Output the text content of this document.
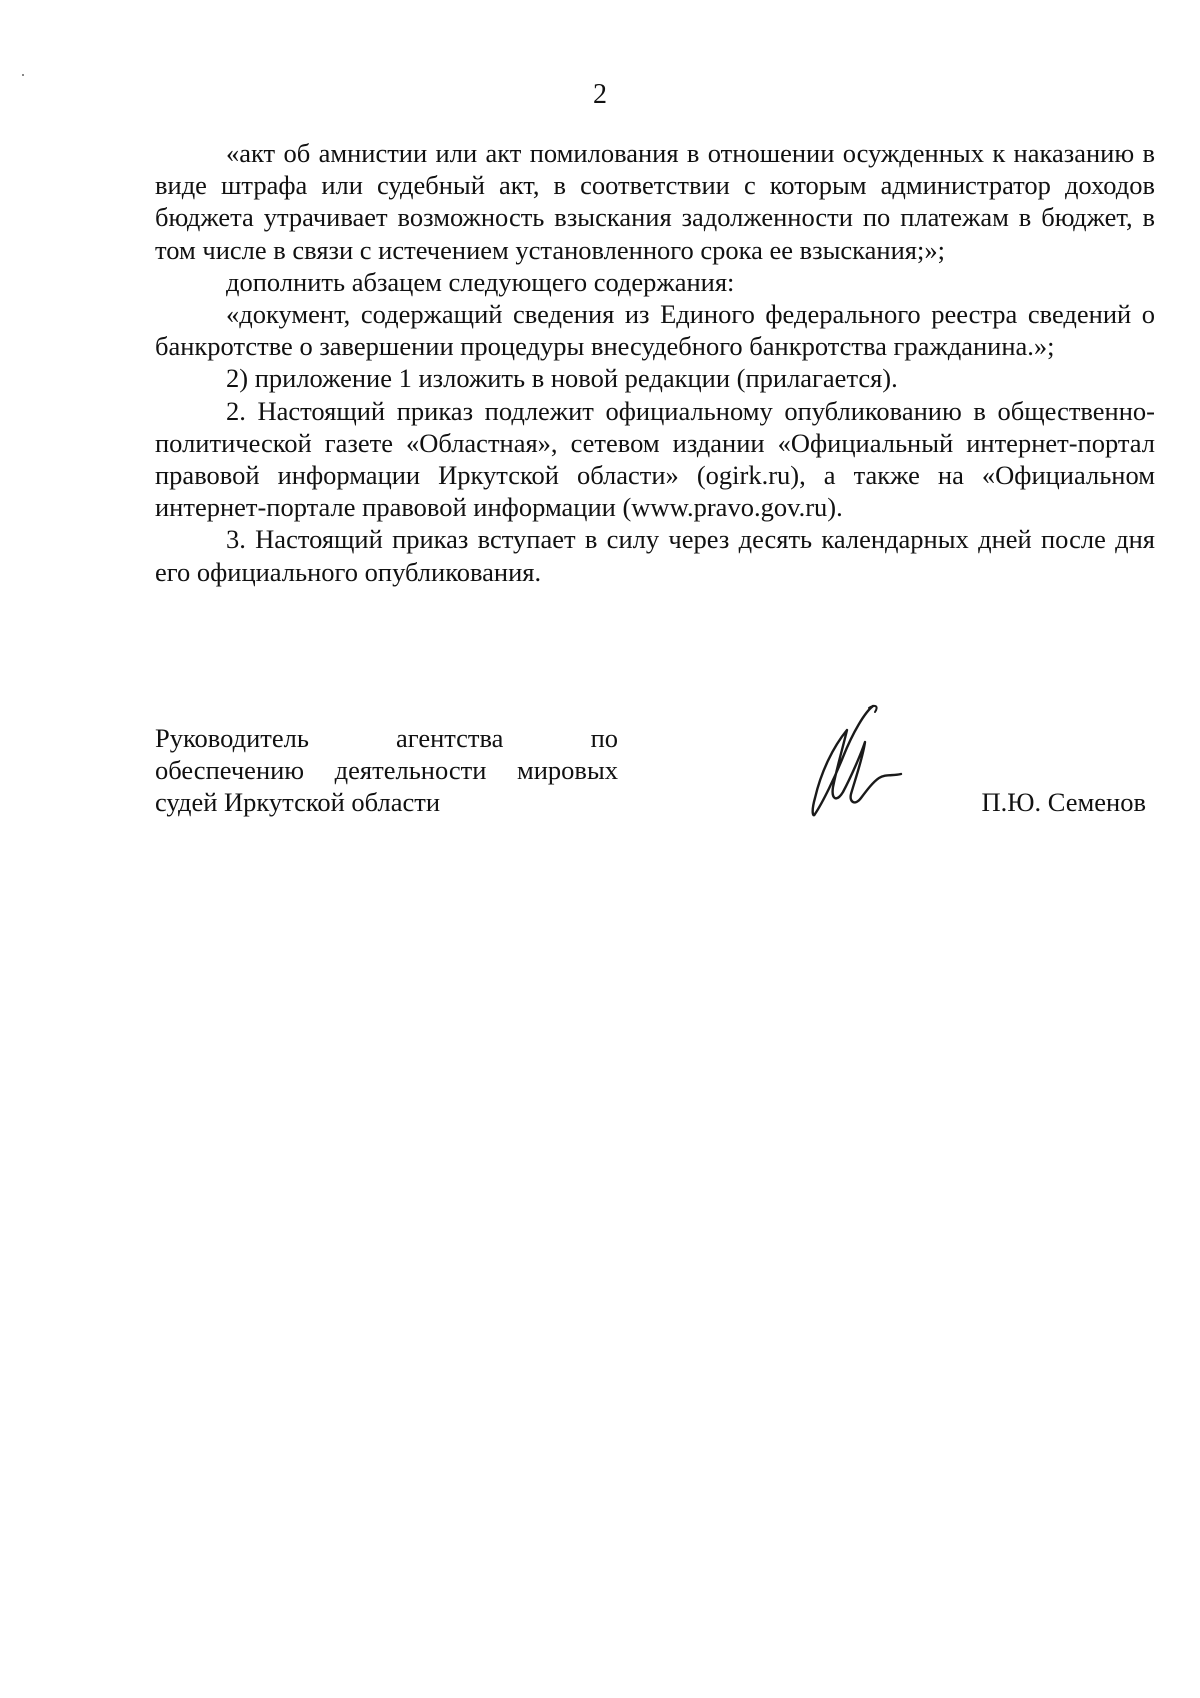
2

«акт об амнистии или акт помилования в отношении осужденных к наказанию в виде штрафа или судебный акт, в соответствии с которым администратор доходов бюджета утрачивает возможность взыскания задолженности по платежам в бюджет, в том числе в связи с истечением установленного срока ее взыскания;»;

дополнить абзацем следующего содержания:

«документ, содержащий сведения из Единого федерального реестра сведений о банкротстве о завершении процедуры внесудебного банкротства гражданина.»;

2) приложение 1 изложить в новой редакции (прилагается).

2. Настоящий приказ подлежит официальному опубликованию в общественно-политической газете «Областная», сетевом издании «Официальный интернет-портал правовой информации Иркутской области» (ogirk.ru), а также на «Официальном интернет-портале правовой информации (www.pravo.gov.ru).

3. Настоящий приказ вступает в силу через десять календарных дней после дня его официального опубликования.

Руководитель агентства по
обеспечению деятельности мировых
судей Иркутской области	П.Ю. Семенов
